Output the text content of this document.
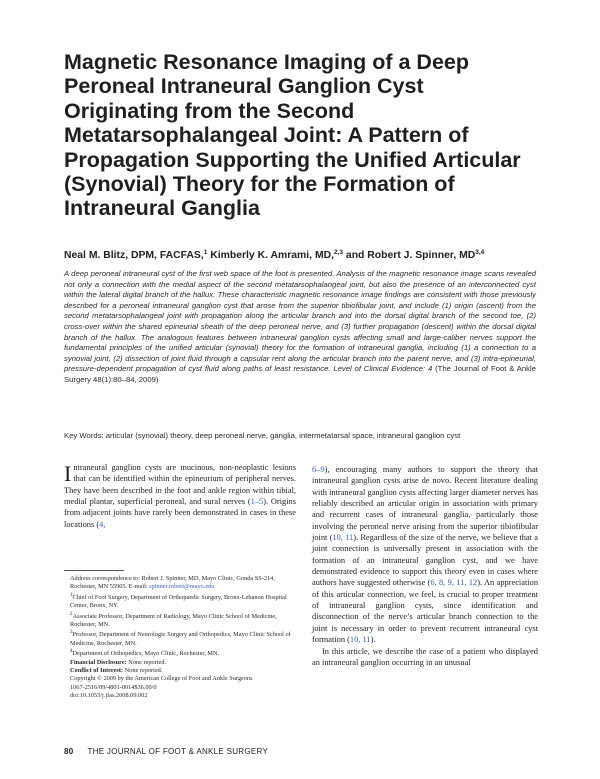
Magnetic Resonance Imaging of a Deep Peroneal Intraneural Ganglion Cyst Originating from the Second Metatarsophalangeal Joint: A Pattern of Propagation Supporting the Unified Articular (Synovial) Theory for the Formation of Intraneural Ganglia
Neal M. Blitz, DPM, FACFAS,$^1$ Kimberly K. Amrami, MD,$^{2,3}$ and Robert J. Spinner, MD$^{3,4}$

A deep peroneal intraneural cyst of the first web space of the foot is presented. Analysis of the magnetic resonance image scans revealed not only a connection with the medial aspect of the second metatarsophalangeal joint, but also the presence of an interconnected cyst within the lateral digital branch of the hallux. These characteristic magnetic resonance image findings are consistent with those previously described for a peroneal intraneural ganglion cyst that arose from the superior tibiofibular joint, and include (1) origin (ascent) from the second metatarsophalangeal joint with propagation along the articular branch and into the dorsal digital branch of the second toe, (2) cross-over within the shared epineurial sheath of the deep peroneal nerve, and (3) further propagation (descent) within the dorsal digital branch of the hallux. The analogous features between intraneural ganglion cysts affecting small and large-caliber nerves support the fundamental principles of the unified articular (synovial) theory for the formation of intraneural ganglia, including (1) a connection to a synovial joint, (2) dissection of joint fluid through a capsular rent along the articular branch into the parent nerve, and (3) intra-epineurial, pressure-dependent propagation of cyst fluid along paths of least resistance. Level of Clinical Evidence: 4 (The Journal of Foot & Ankle Surgery 48(1):80–84, 2009)

Key Words: articular (synovial) theory, deep peroneal nerve, ganglia, intermetatarsal space, intraneural ganglion cyst

Intraneural ganglion cysts are mucinous, non-neoplastic lesions that can be identified within the epineurium of peripheral nerves. They have been described in the foot and ankle region within tibial, medial plantar, superficial peroneal, and sural nerves (1–5). Origins from adjacent joints have rarely been demonstrated in cases in these locations (4,

Address correspondence to: Robert J. Spinner, MD, Mayo Clinic, Gonda SS-214, Rochester, MN 55905. E-mail: spinner.robert@mayo.edu
$^1$Chief of Foot Surgery, Department of Orthopaedic Surgery, Bronx-Lebanon Hospital Center, Bronx, NY.
$^2$Associate Professor, Department of Radiology, Mayo Clinic School of Medicine, Rochester, MN.
$^3$Professor, Department of Neurologic Surgery and Orthopedics, Mayo Clinic School of Medicine, Rochester, MN.
$^4$Department of Orthopedics, Mayo Clinic, Rochester, MN.
Financial Disclosure: None reported.
Conflict of Interest: None reported.
Copyright © 2009 by the American College of Foot and Ankle Surgeons
1067-2516/09/4801-0014$36.00/0
doi:10.1053/j.jfas.2008.09.002

6–9), encouraging many authors to support the theory that intraneural ganglion cysts arise de novo. Recent literature dealing with intraneural ganglion cysts affecting larger diameter nerves has reliably described an articular origin in association with primary and recurrent cases of intraneural ganglia, particularly those involving the peroneal nerve arising from the superior tibiofibular joint (10, 11). Regardless of the size of the nerve, we believe that a joint connection is universally present in association with the formation of an intraneural ganglion cyst, and we have demonstrated evidence to support this theory even in cases where authors have suggested otherwise (6, 8, 9, 11, 12). An appreciation of this articular connection, we feel, is crucial to proper treatment of intraneural ganglion cysts, since identification and disconnection of the nerve’s articular branch connection to the joint is necessary in order to prevent recurrent intraneural cyst formation (10, 11).

In this article, we describe the case of a patient who displayed an intraneural ganglion occurring in an unusual

80 THE JOURNAL OF FOOT & ANKLE SURGERY
